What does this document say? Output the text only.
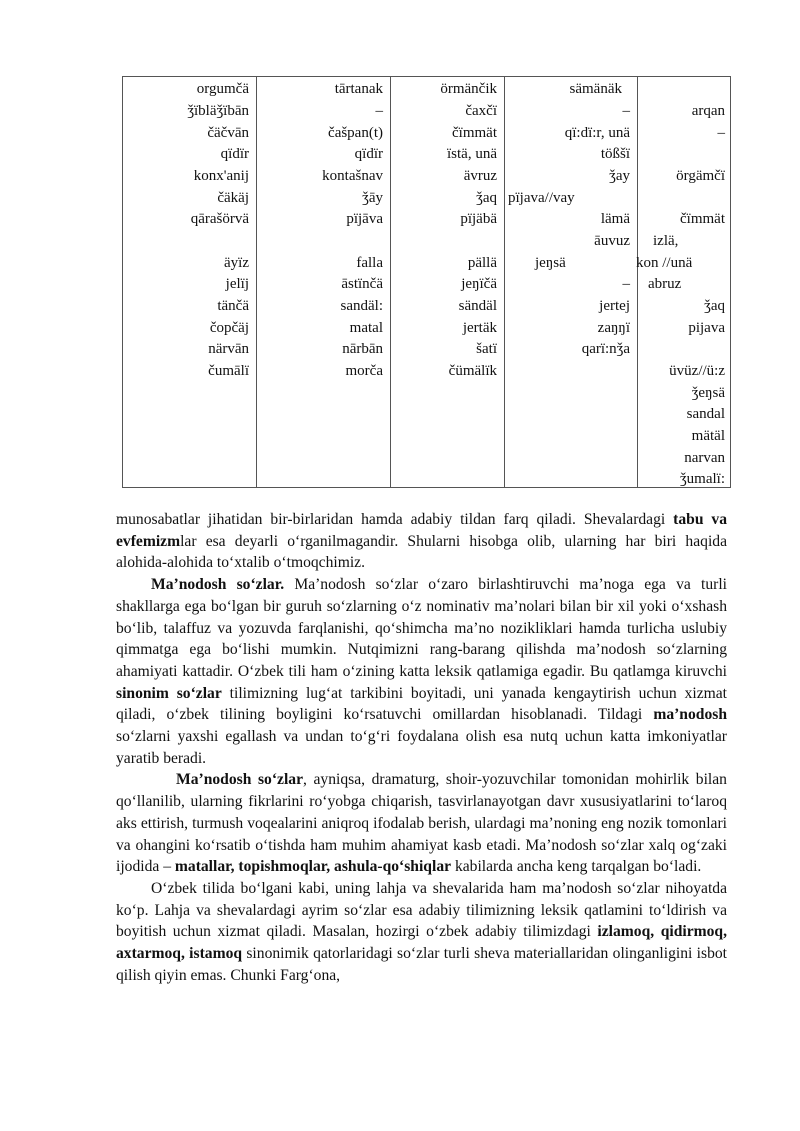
orgumčä
ǯïbläǯïbān
čäčvān
qïdïr
konx'anij
čäkäj
qārašörvä
äyïz
jelïj
tänčä
čopčäj
närvān
čumālï
tārtanak
–
čašpan(t)
qïdïr
kontašnav
ǯāy
pïjāva
falla
āstïnčä
sandäl:
matal
nārbān
morča
örmänčik
čaxčï
čïmmät
ïstä, unä
ävruz
ǯaq
pïjäbä
pällä
jeŋïčä
sändäl
jertäk
šatï
čümälïk
sämänäk
–
qï:dï:r, unä
tößšï
ǯay
pïjava//vay
lämä
āuvuz
jeŋsä
–
jertej
zaŋŋï
qarï:nǯa
arqan
–
örgämčï
čïmmät
izlä,
kon //unä
abruz
ǯaq
pijava
üvüz//ü:z
ǯeŋsä
sandal
mätäl
narvan
ǯumalï:

munosabatlar jihatidan bir-birlaridan hamda adabiy tildan farq qiladi. Shevalardagi tabu va evfemizmlar esa deyarli o‘rganilmagandir. Shularni hisobga olib, ularning har biri haqida alohida-alohida to‘xtalib o‘tmoqchimiz.

Ma’nodosh so‘zlar. Ma’nodosh so‘zlar o‘zaro birlashtiruvchi ma’noga ega va turli shakllarga ega bo‘lgan bir guruh so‘zlarning o‘z nominativ ma’nolari bilan bir xil yoki o‘xshash bo‘lib, talaffuz va yozuvda farqlanishi, qo‘shimcha ma’no nozikliklari hamda turlicha uslubiy qimmatga ega bo‘lishi mumkin. Nutqimizni rang-barang qilishda ma’nodosh so‘zlarning ahamiyati kattadir. O‘zbek tili ham o‘zining katta leksik qatlamiga egadir. Bu qatlamga kiruvchi sinonim so‘zlar tilimizning lug‘at tarkibini boyitadi, uni yanada kengaytirish uchun xizmat qiladi, o‘zbek tilining boyligini ko‘rsatuvchi omillardan hisoblanadi. Tildagi ma’nodosh so‘zlarni yaxshi egallash va undan to‘g‘ri foydalana olish esa nutq uchun katta imkoniyatlar yaratib beradi.

Ma’nodosh so‘zlar, ayniqsa, dramaturg, shoir-yozuvchilar tomonidan mohirlik bilan qo‘llanilib, ularning fikrlarini ro‘yobga chiqarish, tasvirlanayotgan davr xususiyatlarini to‘laroq aks ettirish, turmush voqealarini aniqroq ifodalab berish, ulardagi ma’noning eng nozik tomonlari va ohangini ko‘rsatib o‘tishda ham muhim ahamiyat kasb etadi. Ma’nodosh so‘zlar xalq og‘zaki ijodida – matallar, topishmoqlar, ashula-qo‘shiqlar kabilarda ancha keng tarqalgan bo‘ladi.

O‘zbek tilida bo‘lgani kabi, uning lahja va shevalarida ham ma’nodosh so‘zlar nihoyatda ko‘p. Lahja va shevalardagi ayrim so‘zlar esa adabiy tilimizning leksik qatlamini to‘ldirish va boyitish uchun xizmat qiladi. Masalan, hozirgi o‘zbek adabiy tilimizdagi izlamoq, qidirmoq, axtarmoq, istamoq sinonimik qatorlaridagi so‘zlar turli sheva materiallaridan olinganligini isbot qilish qiyin emas. Chunki Farg‘ona,
